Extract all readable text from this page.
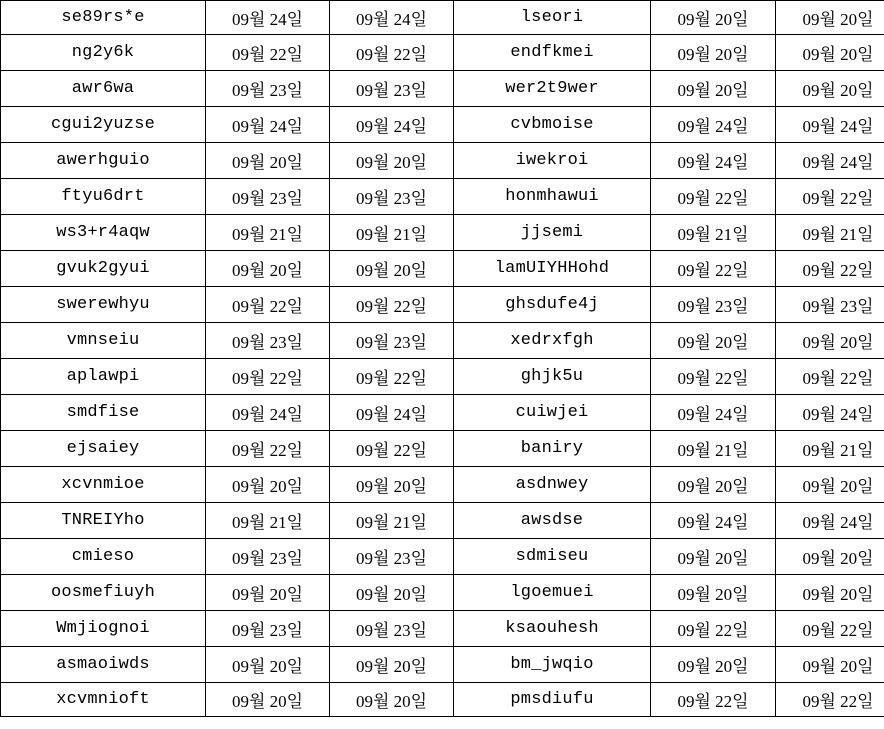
se89rs*e	09월 24일	09월 24일	lseori	09월 20일	09월 20일
ng2y6k	09월 22일	09월 22일	endfkmei	09월 20일	09월 20일
awr6wa	09월 23일	09월 23일	wer2t9wer	09월 20일	09월 20일
cgui2yuzse	09월 24일	09월 24일	cvbmoise	09월 24일	09월 24일
awerhguio	09월 20일	09월 20일	iwekroi	09월 24일	09월 24일
ftyu6drt	09월 23일	09월 23일	honmhawui	09월 22일	09월 22일
ws3+r4aqw	09월 21일	09월 21일	jjsemi	09월 21일	09월 21일
gvuk2gyui	09월 20일	09월 20일	lamUIYHHohd	09월 22일	09월 22일
swerewhyu	09월 22일	09월 22일	ghsdufe4j	09월 23일	09월 23일
vmnseiu	09월 23일	09월 23일	xedrxfgh	09월 20일	09월 20일
aplawpi	09월 22일	09월 22일	ghjk5u	09월 22일	09월 22일
smdfise	09월 24일	09월 24일	cuiwjei	09월 24일	09월 24일
ejsaiey	09월 22일	09월 22일	baniry	09월 21일	09월 21일
xcvnmioe	09월 20일	09월 20일	asdnwey	09월 20일	09월 20일
TNREIYho	09월 21일	09월 21일	awsdse	09월 24일	09월 24일
cmieso	09월 23일	09월 23일	sdmiseu	09월 20일	09월 20일
oosmefiuyh	09월 20일	09월 20일	lgoemuei	09월 20일	09월 20일
Wmjiognoi	09월 23일	09월 23일	ksaouhesh	09월 22일	09월 22일
asmaoiwds	09월 20일	09월 20일	bm_jwqio	09월 20일	09월 20일
xcvmnioft	09월 20일	09월 20일	pmsdiufu	09월 22일	09월 22일
